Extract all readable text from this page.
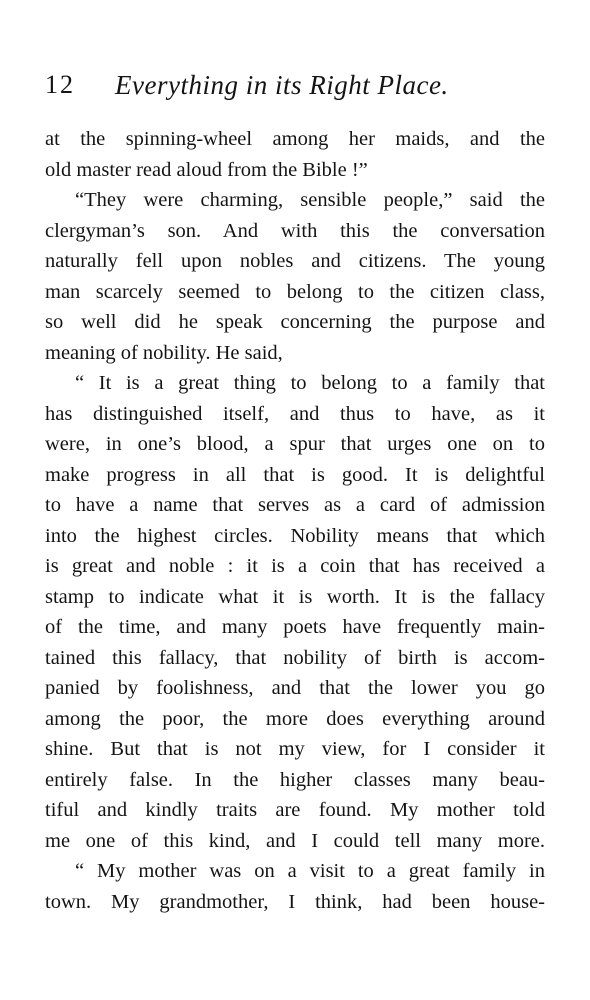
12 Everything in its Right Place.
at the spinning-wheel among her maids, and the
old master read aloud from the Bible !”
“They were charming, sensible people,” said the
clergyman’s son. And with this the conversation
naturally fell upon nobles and citizens. The young
man scarcely seemed to belong to the citizen class,
so well did he speak concerning the purpose and
meaning of nobility. He said,
“ It is a great thing to belong to a family that
has distinguished itself, and thus to have, as it
were, in one’s blood, a spur that urges one on to
make progress in all that is good. It is delightful
to have a name that serves as a card of admission
into the highest circles. Nobility means that which
is great and noble : it is a coin that has received a
stamp to indicate what it is worth. It is the fallacy
of the time, and many poets have frequently main-
tained this fallacy, that nobility of birth is accom-
panied by foolishness, and that the lower you go
among the poor, the more does everything around
shine. But that is not my view, for I consider it
entirely false. In the higher classes many beau-
tiful and kindly traits are found. My mother told
me one of this kind, and I could tell many more.
“ My mother was on a visit to a great family in
town. My grandmother, I think, had been house-
